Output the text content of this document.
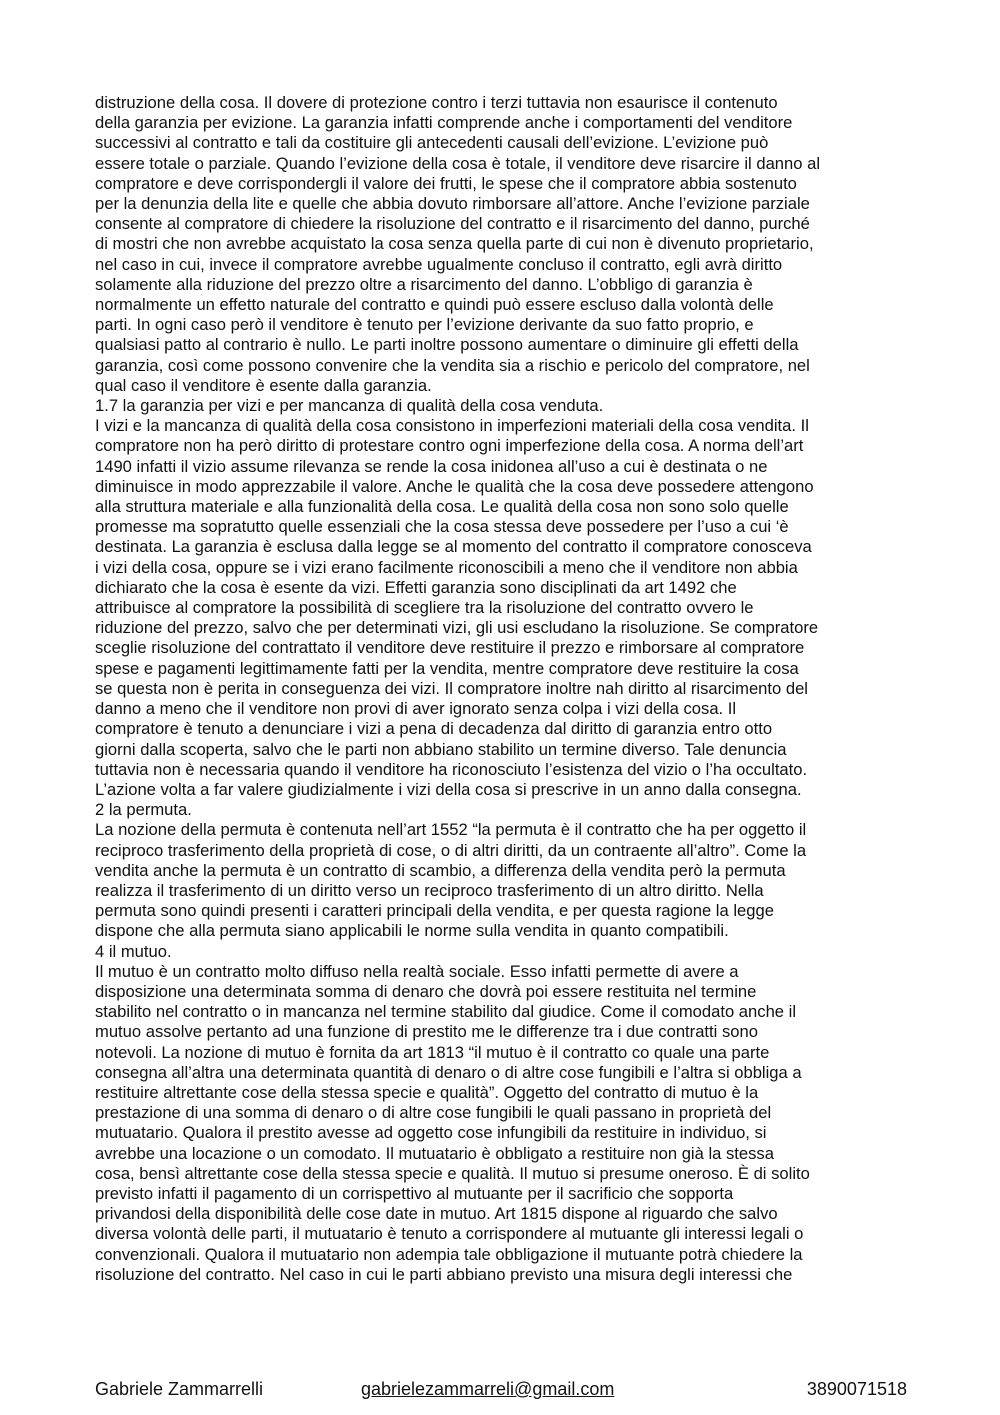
distruzione della cosa. Il dovere di protezione contro i terzi tuttavia non esaurisce il contenuto
della garanzia per evizione. La garanzia infatti comprende anche i comportamenti del venditore
successivi al contratto e tali da costituire gli antecedenti causali dell’evizione. L’evizione può
essere totale o parziale. Quando l’evizione della cosa è totale, il venditore deve risarcire il danno al
compratore e deve corrispondergli il valore dei frutti, le spese che il compratore abbia sostenuto
per la denunzia della lite e quelle che abbia dovuto rimborsare all’attore. Anche l’evizione parziale
consente al compratore di chiedere la risoluzione del contratto e il risarcimento del danno, purché
di mostri che non avrebbe acquistato la cosa senza quella parte di cui non è divenuto proprietario,
nel caso in cui, invece il compratore avrebbe ugualmente concluso il contratto, egli avrà diritto
solamente alla riduzione del prezzo oltre a risarcimento del danno. L’obbligo di garanzia è
normalmente un effetto naturale del contratto e quindi può essere escluso dalla volontà delle
parti. In ogni caso però il venditore è tenuto per l’evizione derivante da suo fatto proprio, e
qualsiasi patto al contrario è nullo. Le parti inoltre possono aumentare o diminuire gli effetti della
garanzia, così come possono convenire che la vendita sia a rischio e pericolo del compratore, nel
qual caso il venditore è esente dalla garanzia.
1.7 la garanzia per vizi e per mancanza di qualità della cosa venduta.
I vizi e la mancanza di qualità della cosa consistono in imperfezioni materiali della cosa vendita. Il
compratore non ha però diritto di protestare contro ogni imperfezione della cosa. A norma dell’art
1490 infatti il vizio assume rilevanza se rende la cosa inidonea all’uso a cui è destinata o ne
diminuisce in modo apprezzabile il valore. Anche le qualità che la cosa deve possedere attengono
alla struttura materiale e alla funzionalità della cosa. Le qualità della cosa non sono solo quelle
promesse ma sopratutto quelle essenziali che la cosa stessa deve possedere per l’uso a cui ‘è
destinata. La garanzia è esclusa dalla legge se al momento del contratto il compratore conosceva
i vizi della cosa, oppure se i vizi erano facilmente riconoscibili a meno che il venditore non abbia
dichiarato che la cosa è esente da vizi. Effetti garanzia sono disciplinati da art 1492 che
attribuisce al compratore la possibilità di scegliere tra la risoluzione del contratto ovvero le
riduzione del prezzo, salvo che per determinati vizi, gli usi escludano la risoluzione. Se compratore
sceglie risoluzione del contrattato il venditore deve restituire il prezzo e rimborsare al compratore
spese e pagamenti legittimamente fatti per la vendita, mentre compratore deve restituire la cosa
se questa non è perita in conseguenza dei vizi. Il compratore inoltre nah diritto al risarcimento del
danno a meno che il venditore non provi di aver ignorato senza colpa i vizi della cosa. Il
compratore è tenuto a denunciare i vizi a pena di decadenza dal diritto di garanzia entro otto
giorni dalla scoperta, salvo che le parti non abbiano stabilito un termine diverso. Tale denuncia
tuttavia non è necessaria quando il venditore ha riconosciuto l’esistenza del vizio o l’ha occultato.
L’azione volta a far valere giudizialmente i vizi della cosa si prescrive in un anno dalla consegna.
2 la permuta.
La nozione della permuta è contenuta nell’art 1552 “la permuta è il contratto che ha per oggetto il
reciproco trasferimento della proprietà di cose, o di altri diritti, da un contraente all’altro”. Come la
vendita anche la permuta è un contratto di scambio, a differenza della vendita però la permuta
realizza il trasferimento di un diritto verso un reciproco trasferimento di un altro diritto. Nella
permuta sono quindi presenti i caratteri principali della vendita, e per questa ragione la legge
dispone che alla permuta siano applicabili le norme sulla vendita in quanto compatibili.
4 il mutuo.
Il mutuo è un contratto molto diffuso nella realtà sociale. Esso infatti permette di avere a
disposizione una determinata somma di denaro che dovrà poi essere restituita nel termine
stabilito nel contratto o in mancanza nel termine stabilito dal giudice. Come il comodato anche il
mutuo assolve pertanto ad una funzione di prestito me le differenze tra i due contratti sono
notevoli. La nozione di mutuo è fornita da art 1813 “il mutuo è il contratto co quale una parte
consegna all’altra una determinata quantità di denaro o di altre cose fungibili e l’altra si obbliga a
restituire altrettante cose della stessa specie e qualità”. Oggetto del contratto di mutuo è la
prestazione di una somma di denaro o di altre cose fungibili le quali passano in proprietà del
mutuatario. Qualora il prestito avesse ad oggetto cose infungibili da restituire in individuo, si
avrebbe una locazione o un comodato. Il mutuatario è obbligato a restituire non già la stessa
cosa, bensì altrettante cose della stessa specie e qualità. Il mutuo si presume oneroso. È di solito
previsto infatti il pagamento di un corrispettivo al mutuante per il sacrificio che sopporta
privandosi della disponibilità delle cose date in mutuo. Art 1815 dispone al riguardo che salvo
diversa volontà delle parti, il mutuatario è tenuto a corrispondere al mutuante gli interessi legali o
convenzionali. Qualora il mutuatario non adempia tale obbligazione il mutuante potrà chiedere la
risoluzione del contratto. Nel caso in cui le parti abbiano previsto una misura degli interessi che
Gabriele Zammarrelli	gabrielezammarreli@gmail.com	3890071518
